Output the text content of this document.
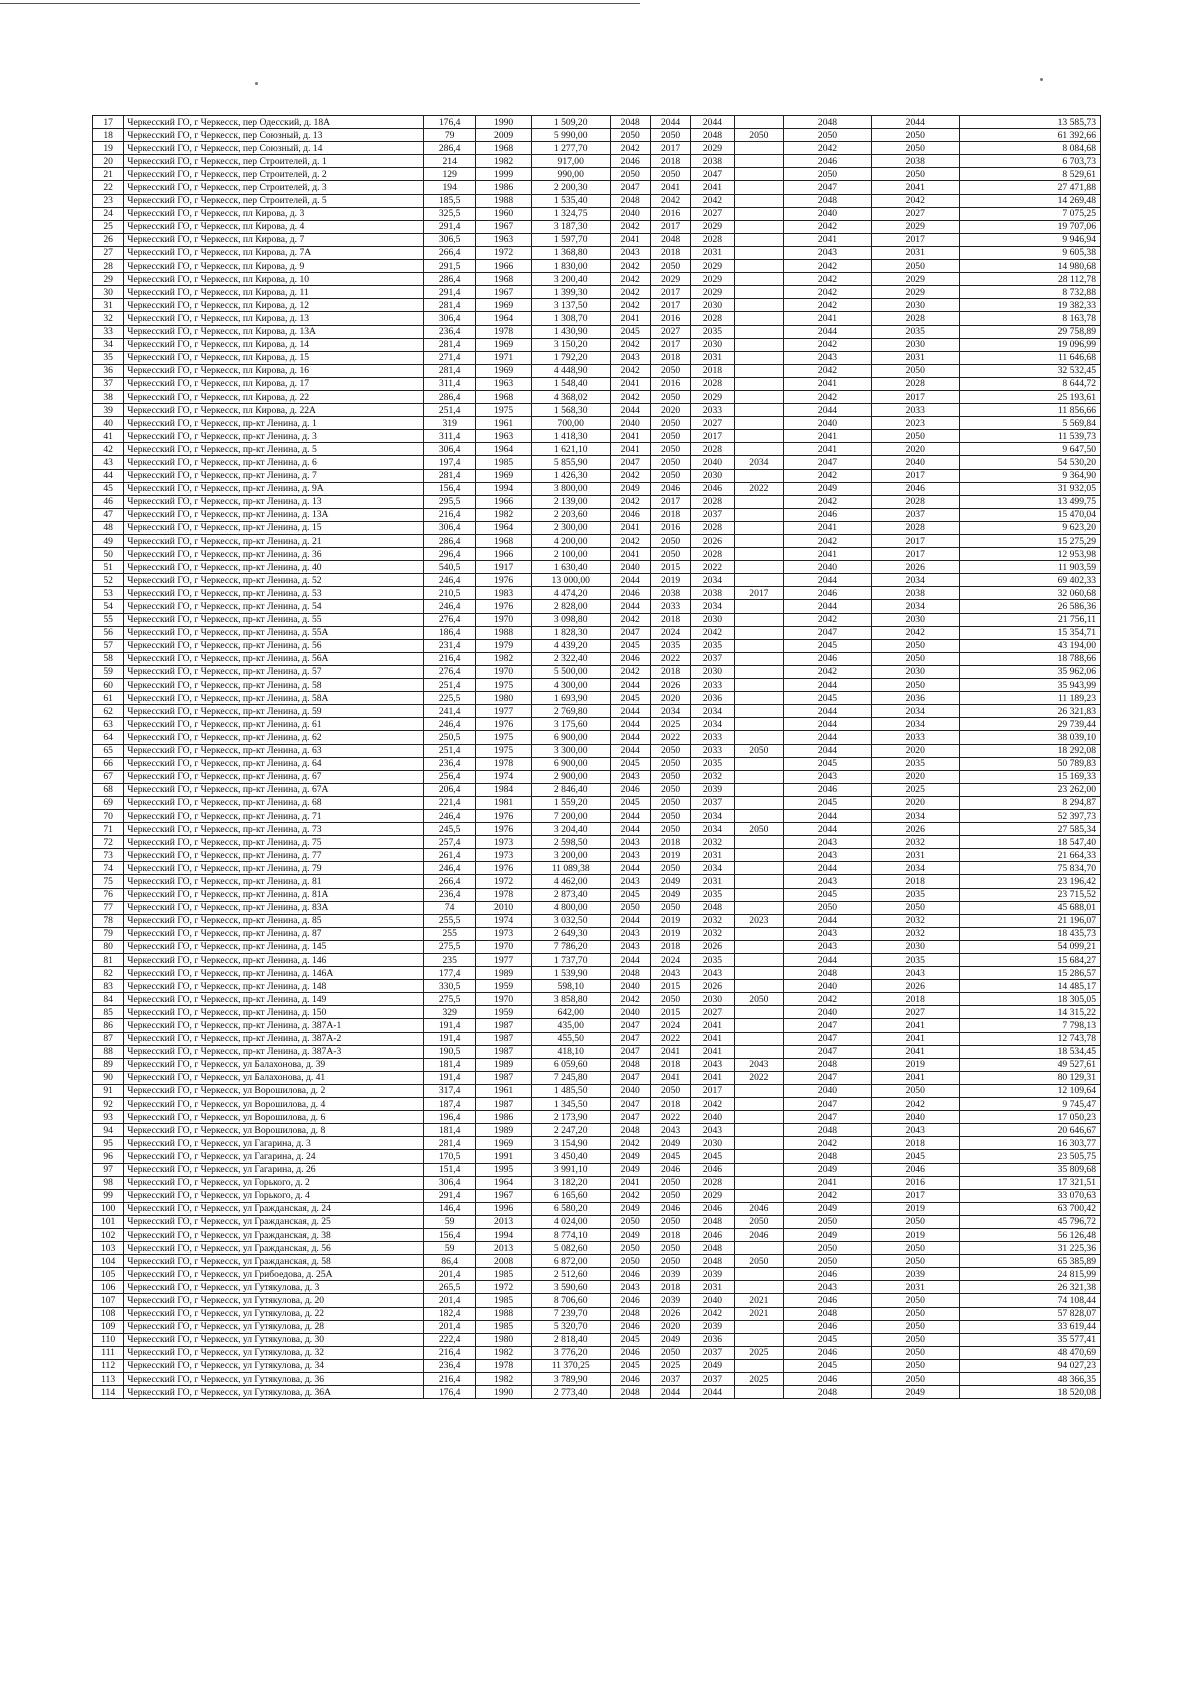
17	Черкесский ГО, г Черкесск, пер Одесский, д. 18А	176,4	1990	1 509,20	2048	2044	2044		2048	2044	13 585,73
18	Черкесский ГО, г Черкесск, пер Союзный, д. 13	79	2009	5 990,00	2050	2050	2048	2050	2050	2050	61 392,66
19	Черкесский ГО, г Черкесск, пер Союзный, д. 14	286,4	1968	1 277,70	2042	2017	2029		2042	2050	8 084,68
20	Черкесский ГО, г Черкесск, пер Строителей, д. 1	214	1982	917,00	2046	2018	2038		2046	2038	6 703,73
21	Черкесский ГО, г Черкесск, пер Строителей, д. 2	129	1999	990,00	2050	2050	2047		2050	2050	8 529,61
22	Черкесский ГО, г Черкесск, пер Строителей, д. 3	194	1986	2 200,30	2047	2041	2041		2047	2041	27 471,88
23	Черкесский ГО, г Черкесск, пер Строителей, д. 5	185,5	1988	1 535,40	2048	2042	2042		2048	2042	14 269,48
24	Черкесский ГО, г Черкесск, пл Кирова, д. 3	325,5	1960	1 324,75	2040	2016	2027		2040	2027	7 075,25
25	Черкесский ГО, г Черкесск, пл Кирова, д. 4	291,4	1967	3 187,30	2042	2017	2029		2042	2029	19 707,06
26	Черкесский ГО, г Черкесск, пл Кирова, д. 7	306,5	1963	1 597,70	2041	2048	2028		2041	2017	9 946,94
27	Черкесский ГО, г Черкесск, пл Кирова, д. 7А	266,4	1972	1 368,80	2043	2018	2031		2043	2031	9 605,38
28	Черкесский ГО, г Черкесск, пл Кирова, д. 9	291,5	1966	1 830,00	2042	2050	2029		2042	2050	14 980,68
29	Черкесский ГО, г Черкесск, пл Кирова, д. 10	286,4	1968	3 200,40	2042	2029	2029		2042	2029	28 112,78
30	Черкесский ГО, г Черкесск, пл Кирова, д. 11	291,4	1967	1 399,30	2042	2017	2029		2042	2029	8 732,88
31	Черкесский ГО, г Черкесск, пл Кирова, д. 12	281,4	1969	3 137,50	2042	2017	2030		2042	2030	19 382,33
32	Черкесский ГО, г Черкесск, пл Кирова, д. 13	306,4	1964	1 308,70	2041	2016	2028		2041	2028	8 163,78
33	Черкесский ГО, г Черкесск, пл Кирова, д. 13А	236,4	1978	1 430,90	2045	2027	2035		2044	2035	29 758,89
34	Черкесский ГО, г Черкесск, пл Кирова, д. 14	281,4	1969	3 150,20	2042	2017	2030		2042	2030	19 096,99
35	Черкесский ГО, г Черкесск, пл Кирова, д. 15	271,4	1971	1 792,20	2043	2018	2031		2043	2031	11 646,68
36	Черкесский ГО, г Черкесск, пл Кирова, д. 16	281,4	1969	4 448,90	2042	2050	2018		2042	2050	32 532,45
37	Черкесский ГО, г Черкесск, пл Кирова, д. 17	311,4	1963	1 548,40	2041	2016	2028		2041	2028	8 644,72
38	Черкесский ГО, г Черкесск, пл Кирова, д. 22	286,4	1968	4 368,02	2042	2050	2029		2042	2017	25 193,61
39	Черкесский ГО, г Черкесск, пл Кирова, д. 22А	251,4	1975	1 568,30	2044	2020	2033		2044	2033	11 856,66
40	Черкесский ГО, г Черкесск, пр-кт Ленина, д. 1	319	1961	700,00	2040	2050	2027		2040	2023	5 569,84
41	Черкесский ГО, г Черкесск, пр-кт Ленина, д. 3	311,4	1963	1 418,30	2041	2050	2017		2041	2050	11 539,73
42	Черкесский ГО, г Черкесск, пр-кт Ленина, д. 5	306,4	1964	1 621,10	2041	2050	2028		2041	2020	9 647,50
43	Черкесский ГО, г Черкесск, пр-кт Ленина, д. 6	197,4	1985	5 855,90	2047	2050	2040	2034	2047	2040	54 530,20
44	Черкесский ГО, г Черкесск, пр-кт Ленина, д. 7	281,4	1969	1 426,30	2042	2050	2030		2042	2017	9 364,90
45	Черкесский ГО, г Черкесск, пр-кт Ленина, д. 9А	156,4	1994	3 800,00	2049	2046	2046	2022	2049	2046	31 932,05
46	Черкесский ГО, г Черкесск, пр-кт Ленина, д. 13	295,5	1966	2 139,00	2042	2017	2028		2042	2028	13 499,75
47	Черкесский ГО, г Черкесск, пр-кт Ленина, д. 13А	216,4	1982	2 203,60	2046	2018	2037		2046	2037	15 470,04
48	Черкесский ГО, г Черкесск, пр-кт Ленина, д. 15	306,4	1964	2 300,00	2041	2016	2028		2041	2028	9 623,20
49	Черкесский ГО, г Черкесск, пр-кт Ленина, д. 21	286,4	1968	4 200,00	2042	2050	2026		2042	2017	15 275,29
50	Черкесский ГО, г Черкесск, пр-кт Ленина, д. 36	296,4	1966	2 100,00	2041	2050	2028		2041	2017	12 953,98
51	Черкесский ГО, г Черкесск, пр-кт Ленина, д. 40	540,5	1917	1 630,40	2040	2015	2022		2040	2026	11 903,59
52	Черкесский ГО, г Черкесск, пр-кт Ленина, д. 52	246,4	1976	13 000,00	2044	2019	2034		2044	2034	69 402,33
53	Черкесский ГО, г Черкесск, пр-кт Ленина, д. 53	210,5	1983	4 474,20	2046	2038	2038	2017	2046	2038	32 060,68
54	Черкесский ГО, г Черкесск, пр-кт Ленина, д. 54	246,4	1976	2 828,00	2044	2033	2034		2044	2034	26 586,36
55	Черкесский ГО, г Черкесск, пр-кт Ленина, д. 55	276,4	1970	3 098,80	2042	2018	2030		2042	2030	21 756,11
56	Черкесский ГО, г Черкесск, пр-кт Ленина, д. 55А	186,4	1988	1 828,30	2047	2024	2042		2047	2042	15 354,71
57	Черкесский ГО, г Черкесск, пр-кт Ленина, д. 56	231,4	1979	4 439,20	2045	2035	2035		2045	2050	43 194,00
58	Черкесский ГО, г Черкесск, пр-кт Ленина, д. 56А	216,4	1982	2 322,40	2046	2022	2037		2046	2050	18 788,66
59	Черкесский ГО, г Черкесск, пр-кт Ленина, д. 57	276,4	1970	5 500,00	2042	2018	2030		2042	2030	35 962,06
60	Черкесский ГО, г Черкесск, пр-кт Ленина, д. 58	251,4	1975	4 300,00	2044	2026	2033		2044	2050	35 943,99
61	Черкесский ГО, г Черкесск, пр-кт Ленина, д. 58А	225,5	1980	1 693,90	2045	2020	2036		2045	2036	11 189,23
62	Черкесский ГО, г Черкесск, пр-кт Ленина, д. 59	241,4	1977	2 769,80	2044	2034	2034		2044	2034	26 321,83
63	Черкесский ГО, г Черкесск, пр-кт Ленина, д. 61	246,4	1976	3 175,60	2044	2025	2034		2044	2034	29 739,44
64	Черкесский ГО, г Черкесск, пр-кт Ленина, д. 62	250,5	1975	6 900,00	2044	2022	2033		2044	2033	38 039,10
65	Черкесский ГО, г Черкесск, пр-кт Ленина, д. 63	251,4	1975	3 300,00	2044	2050	2033	2050	2044	2020	18 292,08
66	Черкесский ГО, г Черкесск, пр-кт Ленина, д. 64	236,4	1978	6 900,00	2045	2050	2035		2045	2035	50 789,83
67	Черкесский ГО, г Черкесск, пр-кт Ленина, д. 67	256,4	1974	2 900,00	2043	2050	2032		2043	2020	15 169,33
68	Черкесский ГО, г Черкесск, пр-кт Ленина, д. 67А	206,4	1984	2 846,40	2046	2050	2039		2046	2025	23 262,00
69	Черкесский ГО, г Черкесск, пр-кт Ленина, д. 68	221,4	1981	1 559,20	2045	2050	2037		2045	2020	8 294,87
70	Черкесский ГО, г Черкесск, пр-кт Ленина, д. 71	246,4	1976	7 200,00	2044	2050	2034		2044	2034	52 397,73
71	Черкесский ГО, г Черкесск, пр-кт Ленина, д. 73	245,5	1976	3 204,40	2044	2050	2034	2050	2044	2026	27 585,34
72	Черкесский ГО, г Черкесск, пр-кт Ленина, д. 75	257,4	1973	2 598,50	2043	2018	2032		2043	2032	18 547,40
73	Черкесский ГО, г Черкесск, пр-кт Ленина, д. 77	261,4	1973	3 200,00	2043	2019	2031		2043	2031	21 664,33
74	Черкесский ГО, г Черкесск, пр-кт Ленина, д. 79	246,4	1976	11 089,38	2044	2050	2034		2044	2034	75 834,70
75	Черкесский ГО, г Черкесск, пр-кт Ленина, д. 81	266,4	1972	4 462,00	2043	2049	2031		2043	2018	23 196,42
76	Черкесский ГО, г Черкесск, пр-кт Ленина, д. 81А	236,4	1978	2 873,40	2045	2049	2035		2045	2035	23 715,52
77	Черкесский ГО, г Черкесск, пр-кт Ленина, д. 83А	74	2010	4 800,00	2050	2050	2048		2050	2050	45 688,01
78	Черкесский ГО, г Черкесск, пр-кт Ленина, д. 85	255,5	1974	3 032,50	2044	2019	2032	2023	2044	2032	21 196,07
79	Черкесский ГО, г Черкесск, пр-кт Ленина, д. 87	255	1973	2 649,30	2043	2019	2032		2043	2032	18 435,73
80	Черкесский ГО, г Черкесск, пр-кт Ленина, д. 145	275,5	1970	7 786,20	2043	2018	2026		2043	2030	54 099,21
81	Черкесский ГО, г Черкесск, пр-кт Ленина, д. 146	235	1977	1 737,70	2044	2024	2035		2044	2035	15 684,27
82	Черкесский ГО, г Черкесск, пр-кт Ленина, д. 146А	177,4	1989	1 539,90	2048	2043	2043		2048	2043	15 286,57
83	Черкесский ГО, г Черкесск, пр-кт Ленина, д. 148	330,5	1959	598,10	2040	2015	2026		2040	2026	14 485,17
84	Черкесский ГО, г Черкесск, пр-кт Ленина, д. 149	275,5	1970	3 858,80	2042	2050	2030	2050	2042	2018	18 305,05
85	Черкесский ГО, г Черкесск, пр-кт Ленина, д. 150	329	1959	642,00	2040	2015	2027		2040	2027	14 315,22
86	Черкесский ГО, г Черкесск, пр-кт Ленина, д. 387А-1	191,4	1987	435,00	2047	2024	2041		2047	2041	7 798,13
87	Черкесский ГО, г Черкесск, пр-кт Ленина, д. 387А-2	191,4	1987	455,50	2047	2022	2041		2047	2041	12 743,78
88	Черкесский ГО, г Черкесск, пр-кт Ленина, д. 387А-3	190,5	1987	418,10	2047	2041	2041		2047	2041	18 534,45
89	Черкесский ГО, г Черкесск, ул Балахонова, д. 39	181,4	1989	6 059,60	2048	2018	2043	2043	2048	2019	49 527,61
90	Черкесский ГО, г Черкесск, ул Балахонова, д. 41	191,4	1987	7 245,80	2047	2041	2041	2022	2047	2041	80 129,31
91	Черкесский ГО, г Черкесск, ул Ворошилова, д. 2	317,4	1961	1 485,50	2040	2050	2017		2040	2050	12 109,64
92	Черкесский ГО, г Черкесск, ул Ворошилова, д. 4	187,4	1987	1 345,50	2047	2018	2042		2047	2042	9 745,47
93	Черкесский ГО, г Черкесск, ул Ворошилова, д. 6	196,4	1986	2 173,90	2047	2022	2040		2047	2040	17 050,23
94	Черкесский ГО, г Черкесск, ул Ворошилова, д. 8	181,4	1989	2 247,20	2048	2043	2043		2048	2043	20 646,67
95	Черкесский ГО, г Черкесск, ул Гагарина, д. 3	281,4	1969	3 154,90	2042	2049	2030		2042	2018	16 303,77
96	Черкесский ГО, г Черкесск, ул Гагарина, д. 24	170,5	1991	3 450,40	2049	2045	2045		2048	2045	23 505,75
97	Черкесский ГО, г Черкесск, ул Гагарина, д. 26	151,4	1995	3 991,10	2049	2046	2046		2049	2046	35 809,68
98	Черкесский ГО, г Черкесск, ул Горького, д. 2	306,4	1964	3 182,20	2041	2050	2028		2041	2016	17 321,51
99	Черкесский ГО, г Черкесск, ул Горького, д. 4	291,4	1967	6 165,60	2042	2050	2029		2042	2017	33 070,63
100	Черкесский ГО, г Черкесск, ул Гражданская, д. 24	146,4	1996	6 580,20	2049	2046	2046	2046	2049	2019	63 700,42
101	Черкесский ГО, г Черкесск, ул Гражданская, д. 25	59	2013	4 024,00	2050	2050	2048	2050	2050	2050	45 796,72
102	Черкесский ГО, г Черкесск, ул Гражданская, д. 38	156,4	1994	8 774,10	2049	2018	2046	2046	2049	2019	56 126,48
103	Черкесский ГО, г Черкесск, ул Гражданская, д. 56	59	2013	5 082,60	2050	2050	2048		2050	2050	31 225,36
104	Черкесский ГО, г Черкесск, ул Гражданская, д. 58	86,4	2008	6 872,00	2050	2050	2048	2050	2050	2050	65 385,89
105	Черкесский ГО, г Черкесск, ул Грибоедова, д. 25А	201,4	1985	2 512,60	2046	2039	2039		2046	2039	24 815,99
106	Черкесский ГО, г Черкесск, ул Гутякулова, д. 3	265,5	1972	3 590,60	2043	2018	2031		2043	2031	26 321,38
107	Черкесский ГО, г Черкесск, ул Гутякулова, д. 20	201,4	1985	8 706,60	2046	2039	2040	2021	2046	2050	74 108,44
108	Черкесский ГО, г Черкесск, ул Гутякулова, д. 22	182,4	1988	7 239,70	2048	2026	2042	2021	2048	2050	57 828,07
109	Черкесский ГО, г Черкесск, ул Гутякулова, д. 28	201,4	1985	5 320,70	2046	2020	2039		2046	2050	33 619,44
110	Черкесский ГО, г Черкесск, ул Гутякулова, д. 30	222,4	1980	2 818,40	2045	2049	2036		2045	2050	35 577,41
111	Черкесский ГО, г Черкесск, ул Гутякулова, д. 32	216,4	1982	3 776,20	2046	2050	2037	2025	2046	2050	48 470,69
112	Черкесский ГО, г Черкесск, ул Гутякулова, д. 34	236,4	1978	11 370,25	2045	2025	2049		2045	2050	94 027,23
113	Черкесский ГО, г Черкесск, ул Гутякулова, д. 36	216,4	1982	3 789,90	2046	2037	2037	2025	2046	2050	48 366,35
114	Черкесский ГО, г Черкесск, ул Гутякулова, д. 36А	176,4	1990	2 773,40	2048	2044	2044		2048	2049	18 520,08
